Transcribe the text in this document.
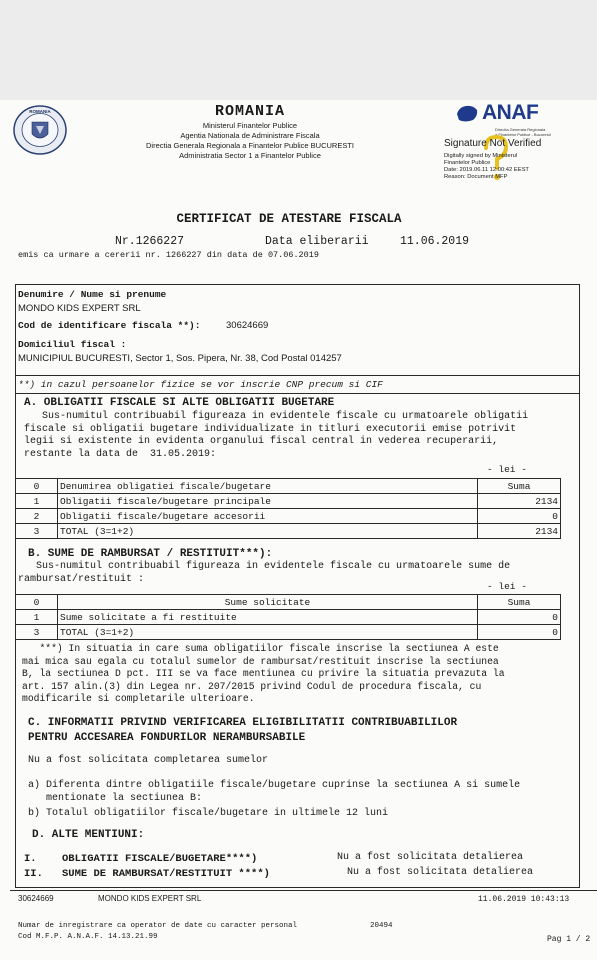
ROMANIA	ROMANIA
Ministerul Finantelor Publice
Agentia Nationala de Administrare Fiscala
Directia Generala Regionala a Finantelor Publice BUCURESTI
Administratia Sector 1 a Finantelor Publice
ANAF
Directia Generala Regionala
a Finantelor Publice - Bucuresti
Signature Not Verified
Digitally signed by Ministerul
Finantelor Publice
Date: 2019.06.11 12:00:42 EEST
Reason: Document MFP
CERTIFICAT DE ATESTARE FISCALA
Nr.1266227	Data eliberarii	11.06.2019
emis ca urmare a cererii nr. 1266227 din data de 07.06.2019
Denumire / Nume si prenume
MONDO KIDS EXPERT SRL
Cod de identificare fiscala **):	30624669
Domiciliul fiscal :
MUNICIPIUL BUCURESTI, Sector 1, Sos. Pipera, Nr. 38, Cod Postal 014257
**) in cazul persoanelor fizice se vor inscrie CNP precum si CIF
A. OBLIGATII FISCALE SI ALTE OBLIGATII BUGETARE
Sus-numitul contribuabil figureaza in evidentele fiscale cu urmatoarele obligatii
fiscale si obligatii bugetare individualizate in titluri executorii emise potrivit
legii si existente in evidenta organului fiscal central in vederea recuperarii,
restante la data de  31.05.2019:
- lei -
0	Denumirea obligatiei fiscale/bugetare	Suma
1	Obligatii fiscale/bugetare principale	2134
2	Obligatii fiscale/bugetare accesorii	0
3	TOTAL (3=1+2)	2134
B. SUME DE RAMBURSAT / RESTITUIT***):
Sus-numitul contribuabil figureaza in evidentele fiscale cu urmatoarele sume de
rambursat/restituit :
- lei -
0	Sume solicitate	Suma
1	Sume solicitate a fi restituite	0
3	TOTAL (3=1+2)	0
***) In situatia in care suma obligatiilor fiscale inscrise la sectiunea A este
mai mica sau egala cu totalul sumelor de rambursat/restituit inscrise la sectiunea
B, la sectiunea D pct. III se va face mentiunea cu privire la situatia prevazuta la
art. 157 alin.(3) din Legea nr. 207/2015 privind Codul de procedura fiscala, cu
modificarile si completarile ulterioare.
C. INFORMATII PRIVIND VERIFICAREA ELIGIBILITATII CONTRIBUABILILOR
PENTRU ACCESAREA FONDURILOR NERAMBURSABILE
Nu a fost solicitata completarea sumelor
a) Diferenta dintre obligatiile fiscale/bugetare cuprinse la sectiunea A si sumele
mentionate la sectiunea B:
b) Totalul obligatiilor fiscale/bugetare in ultimele 12 luni
D. ALTE MENTIUNI:
I. OBLIGATII FISCALE/BUGETARE****)	Nu a fost solicitata detalierea
II. SUME DE RAMBURSAT/RESTITUIT ****)	Nu a fost solicitata detalierea
30624669	MONDO KIDS EXPERT SRL	11.06.2019 10:43:13
Numar de inregistrare ca operator de date cu caracter personal	20494
Cod M.F.P. A.N.A.F. 14.13.21.99	Pag 1 / 2
